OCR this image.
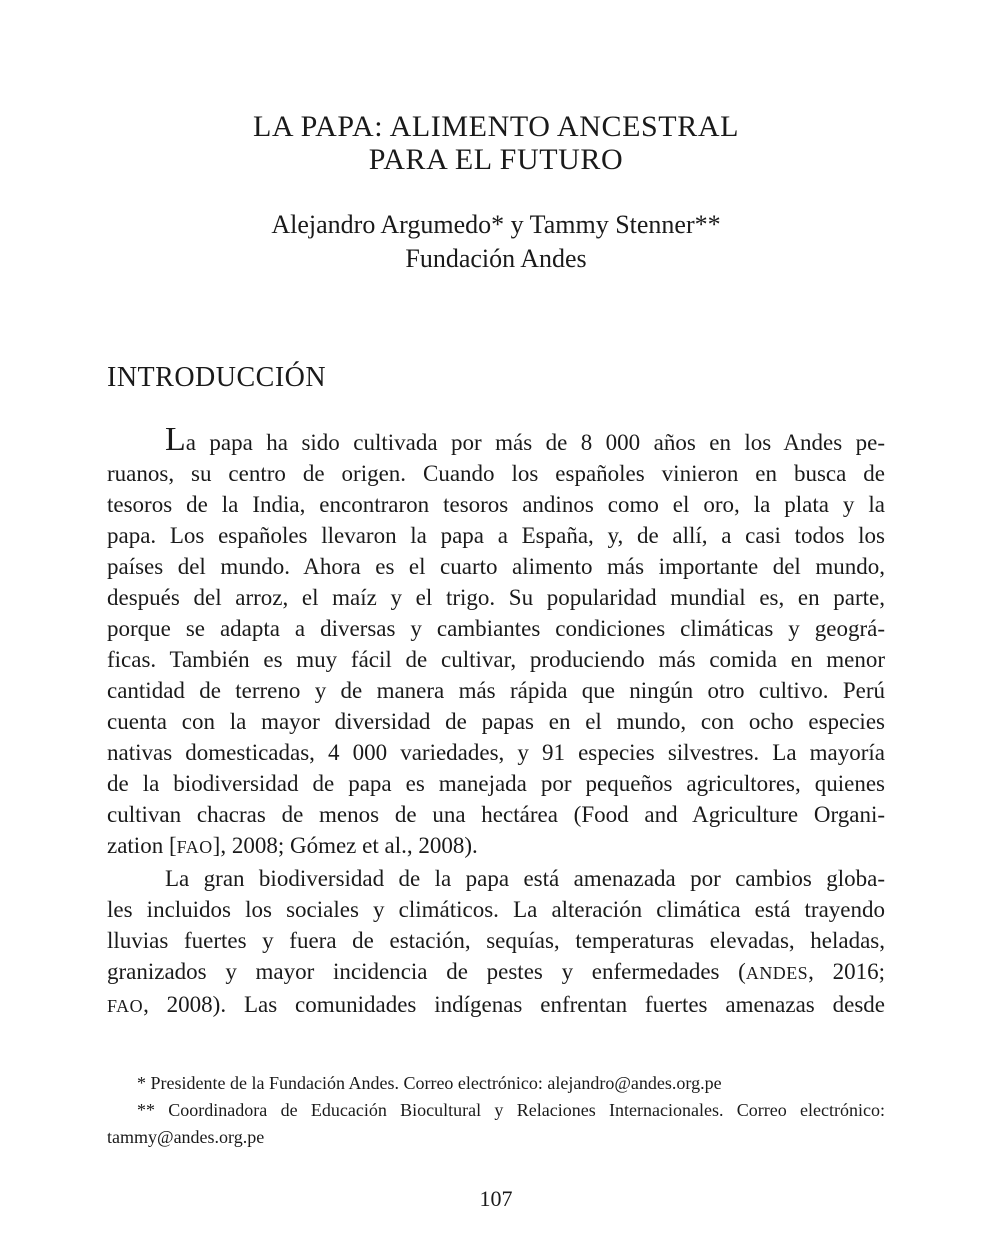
LA PAPA: ALIMENTO ANCESTRAL
PARA EL FUTURO
Alejandro Argumedo* y Tammy Stenner**
Fundación Andes
INTRODUCCIÓN
La papa ha sido cultivada por más de 8 000 años en los Andes pe-
ruanos, su centro de origen. Cuando los españoles vinieron en busca de
tesoros de la India, encontraron tesoros andinos como el oro, la plata y la
papa. Los españoles llevaron la papa a España, y, de allí, a casi todos los
países del mundo. Ahora es el cuarto alimento más importante del mundo,
después del arroz, el maíz y el trigo. Su popularidad mundial es, en parte,
porque se adapta a diversas y cambiantes condiciones climáticas y geográ-
ficas. También es muy fácil de cultivar, produciendo más comida en menor
cantidad de terreno y de manera más rápida que ningún otro cultivo. Perú
cuenta con la mayor diversidad de papas en el mundo, con ocho especies
nativas domesticadas, 4 000 variedades, y 91 especies silvestres. La mayoría
de la biodiversidad de papa es manejada por pequeños agricultores, quienes
cultivan chacras de menos de una hectárea (Food and Agriculture Organi-
zation [FAO], 2008; Gómez et al., 2008).
La gran biodiversidad de la papa está amenazada por cambios globa-
les incluidos los sociales y climáticos. La alteración climática está trayendo
lluvias fuertes y fuera de estación, sequías, temperaturas elevadas, heladas,
granizados y mayor incidencia de pestes y enfermedades (ANDES, 2016;
FAO, 2008). Las comunidades indígenas enfrentan fuertes amenazas desde
* Presidente de la Fundación Andes. Correo electrónico: alejandro@andes.org.pe
** Coordinadora de Educación Biocultural y Relaciones Internacionales. Correo electrónico: tammy@andes.org.pe
107
